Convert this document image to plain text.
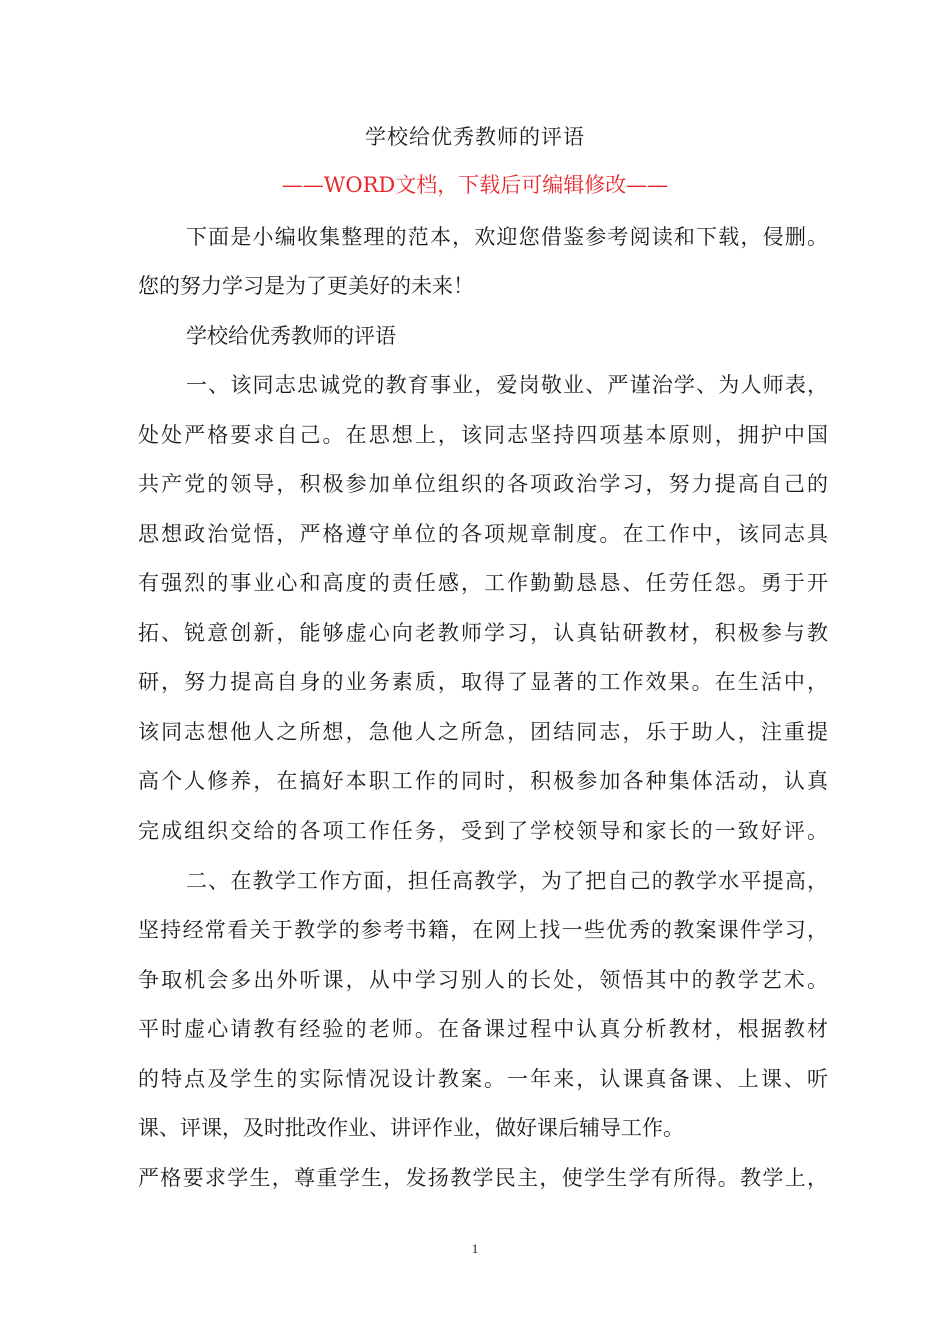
学校给优秀教师的评语
——WORD文档，下载后可编辑修改——
下面是小编收集整理的范本，欢迎您借鉴参考阅读和下载，侵删。
您的努力学习是为了更美好的未来！
学校给优秀教师的评语
一、该同志忠诚党的教育事业，爱岗敬业、严谨治学、为人师表，
处处严格要求自己。在思想上，该同志坚持四项基本原则，拥护中国
共产党的领导，积极参加单位组织的各项政治学习，努力提高自己的
思想政治觉悟，严格遵守单位的各项规章制度。在工作中，该同志具
有强烈的事业心和高度的责任感，工作勤勤恳恳、任劳任怨。勇于开
拓、锐意创新，能够虚心向老教师学习，认真钻研教材，积极参与教
研，努力提高自身的业务素质，取得了显著的工作效果。在生活中，
该同志想他人之所想，急他人之所急，团结同志，乐于助人，注重提
高个人修养，在搞好本职工作的同时，积极参加各种集体活动，认真
完成组织交给的各项工作任务，受到了学校领导和家长的一致好评。
二、在教学工作方面，担任高教学，为了把自己的教学水平提高，
坚持经常看关于教学的参考书籍，在网上找一些优秀的教案课件学习，
争取机会多出外听课，从中学习别人的长处，领悟其中的教学艺术。
平时虚心请教有经验的老师。在备课过程中认真分析教材，根据教材
的特点及学生的实际情况设计教案。一年来，认课真备课、上课、听
课、评课，及时批改作业、讲评作业，做好课后辅导工作。
严格要求学生，尊重学生，发扬教学民主，使学生学有所得。教学上，
1
